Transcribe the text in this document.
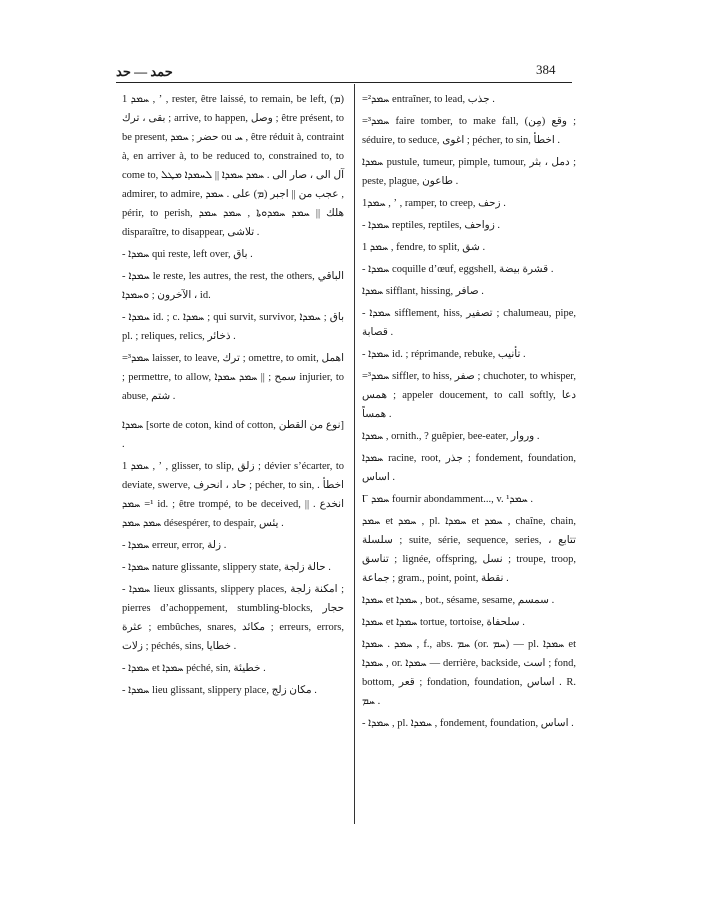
حمد — حد	384

1 ܚܡܕ , ʼ , rester, être laissé, to remain, be left, (ܡ) بقى ، ترك ; arrive, to happen, وصل ; être présent, to be present, حضر ; ܚܡܕ ou ܚ , être réduit à, contraint à, en arriver à, to be reduced to, constrained to, to come to, آل الى ، صار الى . ܚܡܕ ܚܡܕܐ || ܠܚܡܕܐ ܡܛܠ admirer, to admire, عجب من || اجبر (ܡ) على . ܚܡܕ , périr, to perish, هلك || ܚܡܕ ܚܡܕܘܬܐ , ܚܡܕ ܚܡܕ disparaître, to disappear, تلاشى .

- ܚܡܕܐ qui reste, left over, باق .

- ܚܡܕܐ le reste, les autres, the rest, the others, الباقي ، الآخرون ; ܘܚܡܕܐ id.

- ܚܡܕܐ id. ; c. ܚܡܕܐ ; qui survit, survivor, باق ; ܚܡܕܐ pl. ; reliques, relics, ذخائر .

=³ܚܡܕ laisser, to leave, ترك ; omettre, to omit, اهمل ; permettre, to allow, سمح ; || ܚܡܕ ܚܡܕܐ injurier, to abuse, شتم .

ܚܡܕܐ [sorte de coton, kind of cotton, نوع من القطن] .

1 ܚܡܕ , ʼ , glisser, to slip, زلق ; dévier s’écarter, to deviate, swerve, حاد ، انحرف ; pécher, to sin, اخطأ . ¹= ܚܡܕ id. ; être trompé, to be deceived, انخدع . || ܚܡܕ ܚܡܕ désespérer, to despair, يئس .

- ܚܡܕܐ erreur, error, زلة .

- ܚܡܕܐ nature glissante, slippery state, حالة زلجة .

- ܚܡܕܐ lieux glissants, slippery places, امكنة زلجة ; pierres d’achoppement, stumbling-blocks, حجار عثرة ; embûches, snares, مكائد ; erreurs, errors, زلات ; péchés, sins, خطايا .

- ܚܡܕܐ et ܚܡܕܐ péché, sin, خطيئة .

- ܚܡܕܐ lieu glissant, slippery place, مكان زلج .

=²ܚܡܕ entraîner, to lead, جذب .

=³ܚܡܕ faire tomber, to make fall, (مِن) وقع ; séduire, to seduce, اغوى ; pécher, to sin, اخطأ .

ܚܡܕܐ pustule, tumeur, pimple, tumour, دمل ، بثر ; peste, plague, طاعون .

1ܚܡܕ , ʼ , ramper, to creep, زحف .

- ܚܡܕܐ reptiles, reptiles, زواحف .

1 ܚܡܕ , fendre, to split, شق .

- ܚܡܕܐ coquille d’œuf, eggshell, قشرة بيضة .

ܚܡܕܐ sifflant, hissing, صافر .

- ܚܡܕܐ sifflement, hiss, تصفير ; chalumeau, pipe, قصابة .

- ܚܡܕܐ id. ; réprimande, rebuke, تأنيب .

=³ܚܡܕ siffler, to hiss, صفر ; chuchoter, to whisper, همس ; appeler doucement, to call softly, دعا همساً .

ܚܡܕܐ , ornith., ? guêpier, bee-eater, وروار .

ܚܡܕܐ racine, root, جذر ; fondement, foundation, اساس .

Ⲅ ܚܡܕ fournir abondamment..., v. ¹ܚܡܕ .

ܚܡܕ et ܚܡܕ , pl. ܚܡܕܐ et ܚܡܕ , chaîne, chain, سلسلة ; suite, série, sequence, series, تتابع ، تناسق ; lignée, offspring, نسل ; troupe, troop, جماعة ; gram., point, point, نقطة .

ܚܡܕܐ et ܚܡܕܐ , bot., sésame, sesame, سمسم .

ܚܡܕܐ et ܚܡܕܐ tortue, tortoise, سلحفاة .

ܚܡܕ . ܚܡܕܐ , f., abs. ܚܡ (or. ܚܡ) — pl. ܚܡܕܐ et ܚܡܕܐ , or. ܚܡܕܐ — derrière, backside, است ; fond, bottom, قعر ; fondation, foundation, اساس . R. ܚܡ .

- ܚܡܕܐ , pl. ܚܡܕܐ , fondement, foundation, اساس .
